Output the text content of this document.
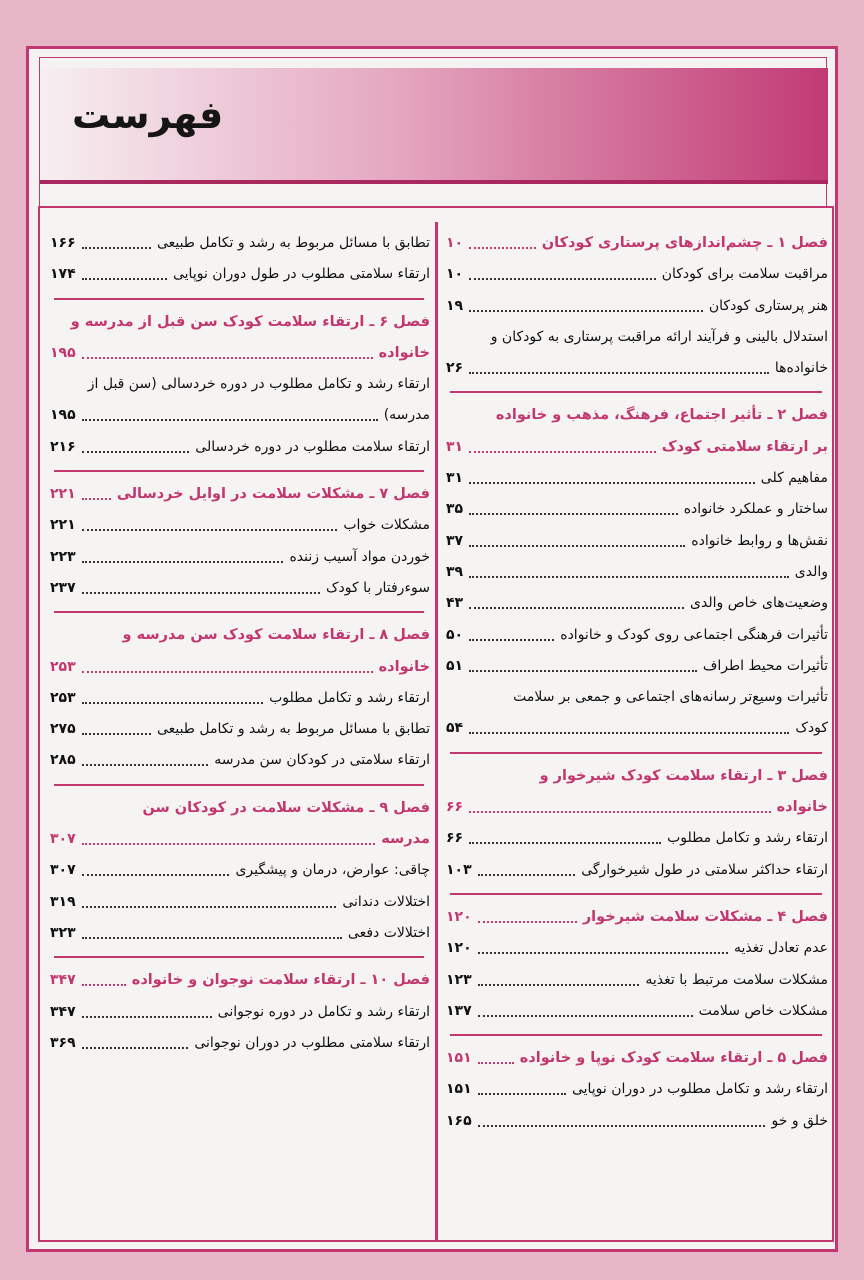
فهرست
فصل ۱ ـ چشم‌اندازهای پرستاری کودکان
۱۰
مراقبت سلامت برای کودکان
۱۰
هنر پرستاری کودکان
۱۹
استدلال بالینی و فرآیند ارائه مراقبت پرستاری به کودکان و
خانواده‌ها
۲۶
فصل ۲ ـ تأثیر اجتماع، فرهنگ، مذهب و خانواده
بر ارتقاء سلامتی کودک
۳۱
مفاهیم کلی
۳۱
ساختار و عملکرد خانواده
۳۵
نقش‌ها و روابط خانواده
۳۷
والدی
۳۹
وضعیت‌های خاص والدی
۴۳
تأثیرات فرهنگی اجتماعی روی کودک و خانواده
۵۰
تأثیرات محیط اطراف
۵۱
تأثیرات وسیع‌تر رسانه‌های اجتماعی و جمعی بر سلامت
کودک
۵۴
فصل ۳ ـ ارتقاء سلامت کودک شیرخوار و
خانواده
۶۶
ارتقاء رشد و تکامل مطلوب
۶۶
ارتقاء حداکثر سلامتی در طول شیرخوارگی
۱۰۳
فصل ۴ ـ مشکلات سلامت شیرخوار
۱۲۰
عدم تعادل تغذیه
۱۲۰
مشکلات سلامت مرتبط با تغذیه
۱۲۳
مشکلات خاص سلامت
۱۳۷
فصل ۵ ـ ارتقاء سلامت کودک نوپا و خانواده
۱۵۱
ارتقاء رشد و تکامل مطلوب در دوران نوپایی
۱۵۱
خلق و خو
۱۶۵
تطابق با مسائل مربوط به رشد و تکامل طبیعی
۱۶۶
ارتقاء سلامتی مطلوب در طول دوران نوپایی
۱۷۴
فصل ۶ ـ ارتقاء سلامت کودک سن قبل از مدرسه و
خانواده
۱۹۵
ارتقاء رشد و تکامل مطلوب در دوره خردسالی (سن قبل از
مدرسه)
۱۹۵
ارتقاء سلامت مطلوب در دوره خردسالی
۲۱۶
فصل ۷ ـ مشکلات سلامت در اوایل خردسالی
۲۲۱
مشکلات خواب
۲۲۱
خوردن مواد آسیب زننده
۲۲۳
سوءرفتار با کودک
۲۳۷
فصل ۸ ـ ارتقاء سلامت کودک سن مدرسه و
خانواده
۲۵۳
ارتقاء رشد و تکامل مطلوب
۲۵۳
تطابق با مسائل مربوط به رشد و تکامل طبیعی
۲۷۵
ارتقاء سلامتی در کودکان سن مدرسه
۲۸۵
فصل ۹ ـ مشکلات سلامت در کودکان سن
مدرسه
۳۰۷
چاقی: عوارض، درمان و پیشگیری
۳۰۷
اختلالات دندانی
۳۱۹
اختلالات دفعی
۳۲۳
فصل ۱۰ ـ ارتقاء سلامت نوجوان و خانواده
۳۴۷
ارتقاء رشد و تکامل در دوره نوجوانی
۳۴۷
ارتقاء سلامتی مطلوب در دوران نوجوانی
۳۶۹
